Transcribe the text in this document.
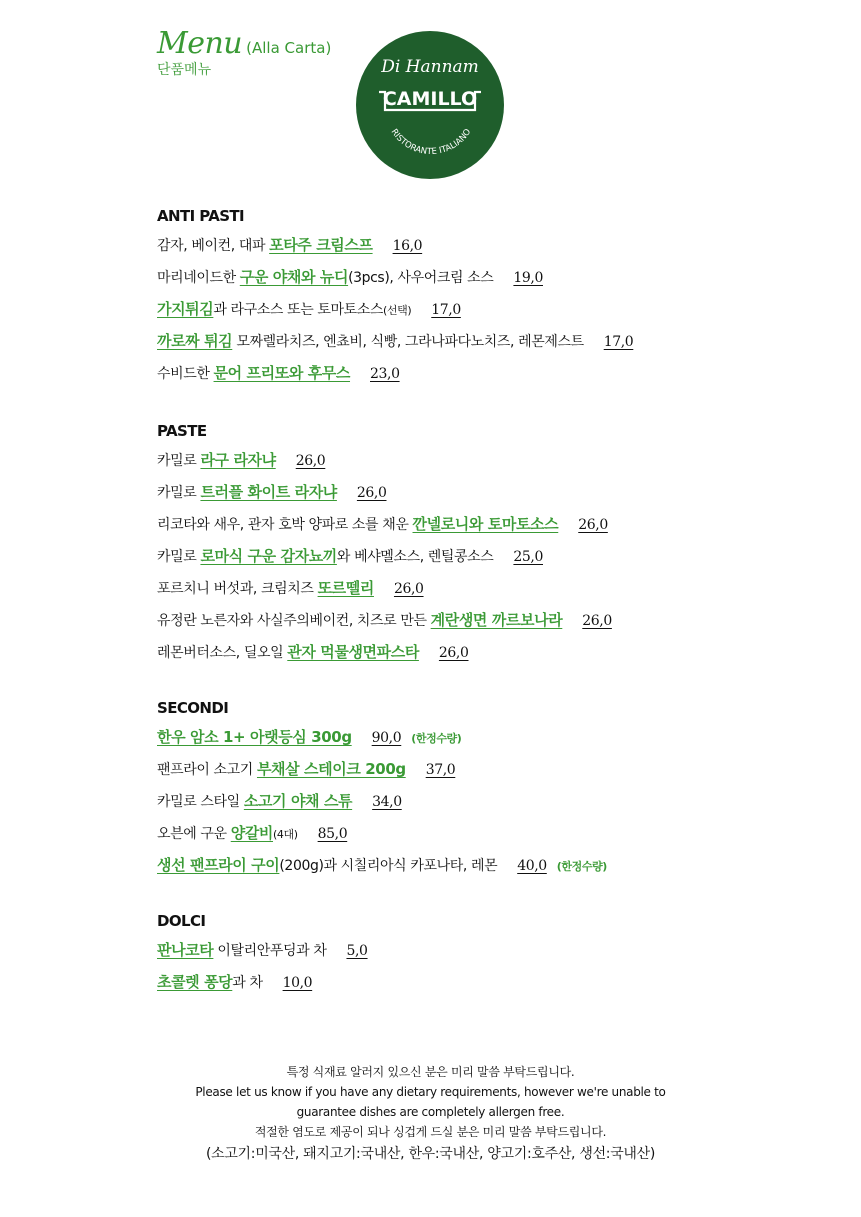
Menu (Alla Carta)
단품메뉴	Di Hannam
CAMILLO
RISTORANTE ITALIANO
ANTI PASTI
감자, 베이컨, 대파 포타주 크림스프 16,0
마리네이드한 구운 야채와 뉴디(3pcs), 사우어크림 소스 19,0
가지튀김과 라구소스 또는 토마토소스(선택) 17,0
까로짜 튀김 모짜렐라치즈, 엔쵸비, 식빵, 그라나파다노치즈, 레몬제스트 17,0
수비드한 문어 프리또와 후무스 23,0
PASTE
카밀로 라구 라자냐 26,0
카밀로 트러플 화이트 라자냐 26,0
리코타와 새우, 관자 호박 양파로 소를 채운 깐넬로니와 토마토소스 26,0
카밀로 로마식 구운 감자뇨끼와 베샤멜소스, 렌틸콩소스 25,0
포르치니 버섯과, 크림치즈 또르뗄리 26,0
유정란 노른자와 사실주의베이컨, 치즈로 만든 계란생면 까르보나라 26,0
레몬버터소스, 딜오일 관자 먹물생면파스타 26,0
SECONDI
한우 암소 1+ 아랫등심 300g 90,0 (한정수량)
팬프라이 소고기 부채살 스테이크 200g 37,0
카밀로 스타일 소고기 야채 스튜 34,0
오븐에 구운 양갈비(4대) 85,0
생선 팬프라이 구이(200g)과 시칠리아식 카포나타, 레몬 40,0 (한정수량)
DOLCI
판나코타 이탈리안푸딩과 차 5,0
초콜렛 퐁당과 차 10,0
특정 식재료 알러지 있으신 분은 미리 말씀 부탁드립니다.
Please let us know if you have any dietary requirements, however we're unable to
guarantee dishes are completely allergen free.
적절한 염도로 제공이 되나 싱겁게 드실 분은 미리 말씀 부탁드립니다.
(소고기:미국산, 돼지고기:국내산, 한우:국내산, 양고기:호주산, 생선:국내산)
